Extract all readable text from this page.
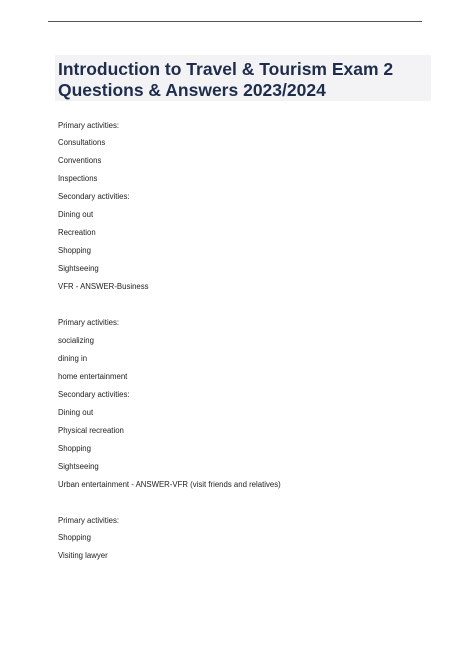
Introduction to Travel & Tourism Exam 2
Questions & Answers 2023/2024
Primary activities:
Consultations
Conventions
Inspections
Secondary activities:
Dining out
Recreation
Shopping
Sightseeing
VFR - ANSWER-Business
Primary activities:
socializing
dining in
home entertainment
Secondary activities:
Dining out
Physical recreation
Shopping
Sightseeing
Urban entertainment - ANSWER-VFR (visit friends and relatives)
Primary activities:
Shopping
Visiting lawyer
